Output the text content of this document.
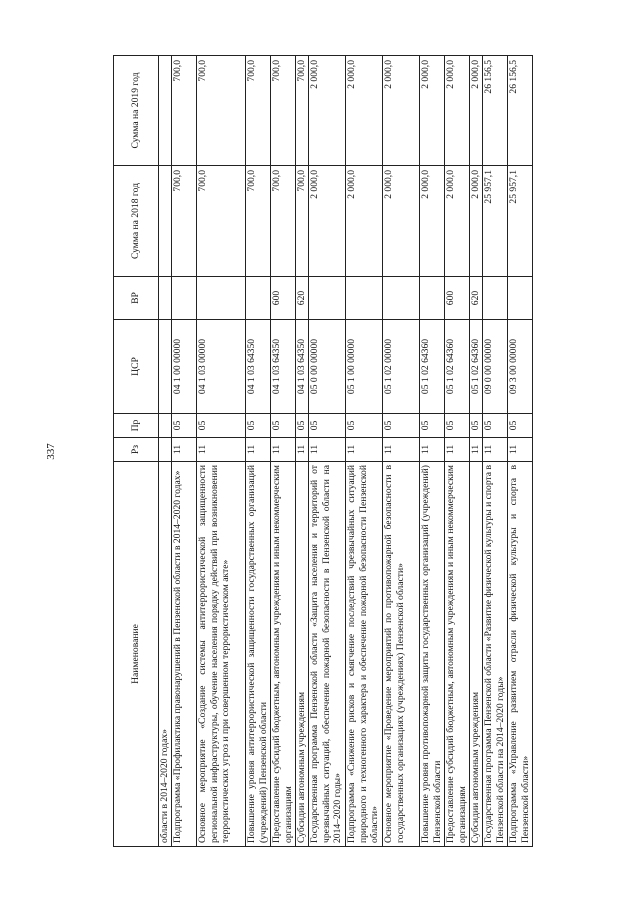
337
Наименование	Рз	Пр	ЦСР	ВР	Сумма на 2018 год	Сумма на 2019 год
области в 2014–2020 годах»						
Подпрограмма «Профилактика правонарушений в Пензенской области в 2014–2020 годах»	11	05	04 1 00 00000		700,0	700,0
Основное мероприятие «Создание системы антитеррористической защищенности региональной инфраструктуры, обучение населения порядку действий при возникновении террористических угроз и при совершенном террористическом акте»	11	05	04 1 03 00000		700,0	700,0
Повышение уровня антитеррористической защищенности государственных организаций (учреждений) Пензенской области	11	05	04 1 03 64350		700,0	700,0
Предоставление субсидий бюджетным, автономным учреждениям и иным некоммерческим организациям	11	05	04 1 03 64350	600	700,0	700,0
Субсидии автономным учреждениям	11	05	04 1 03 64350	620	700,0	700,0
Государственная программа Пензенской области «Защита населения и территорий от чрезвычайных ситуаций, обеспечение пожарной безопасности в Пензенской области на 2014–2020 годы»	11	05	05 0 00 00000		2 000,0	2 000,0
Подпрограмма «Снижение рисков и смягчение последствий чрезвычайных ситуаций природного и техногенного характера и обеспечение пожарной безопасности Пензенской области»	11	05	05 1 00 00000		2 000,0	2 000,0
Основное мероприятие «Проведение мероприятий по противопожарной безопасности в государственных организациях (учреждениях) Пензенской области»	11	05	05 1 02 00000		2 000,0	2 000,0
Повышение уровня противопожарной защиты государственных организаций (учреждений) Пензенской области	11	05	05 1 02 64360		2 000,0	2 000,0
Предоставление субсидий бюджетным, автономным учреждениям и иным некоммерческим организациям	11	05	05 1 02 64360	600	2 000,0	2 000,0
Субсидии автономным учреждениям	11	05	05 1 02 64360	620	2 000,0	2 000,0
Государственная программа Пензенской области «Развитие физической культуры и спорта в Пензенской области на 2014–2020 годы»	11	05	09 0 00 00000		25 957,1	26 156,5
Подпрограмма «Управление развитием отрасли физической культуры и спорта в Пензенской области»	11	05	09 3 00 00000		25 957,1	26 156,5
